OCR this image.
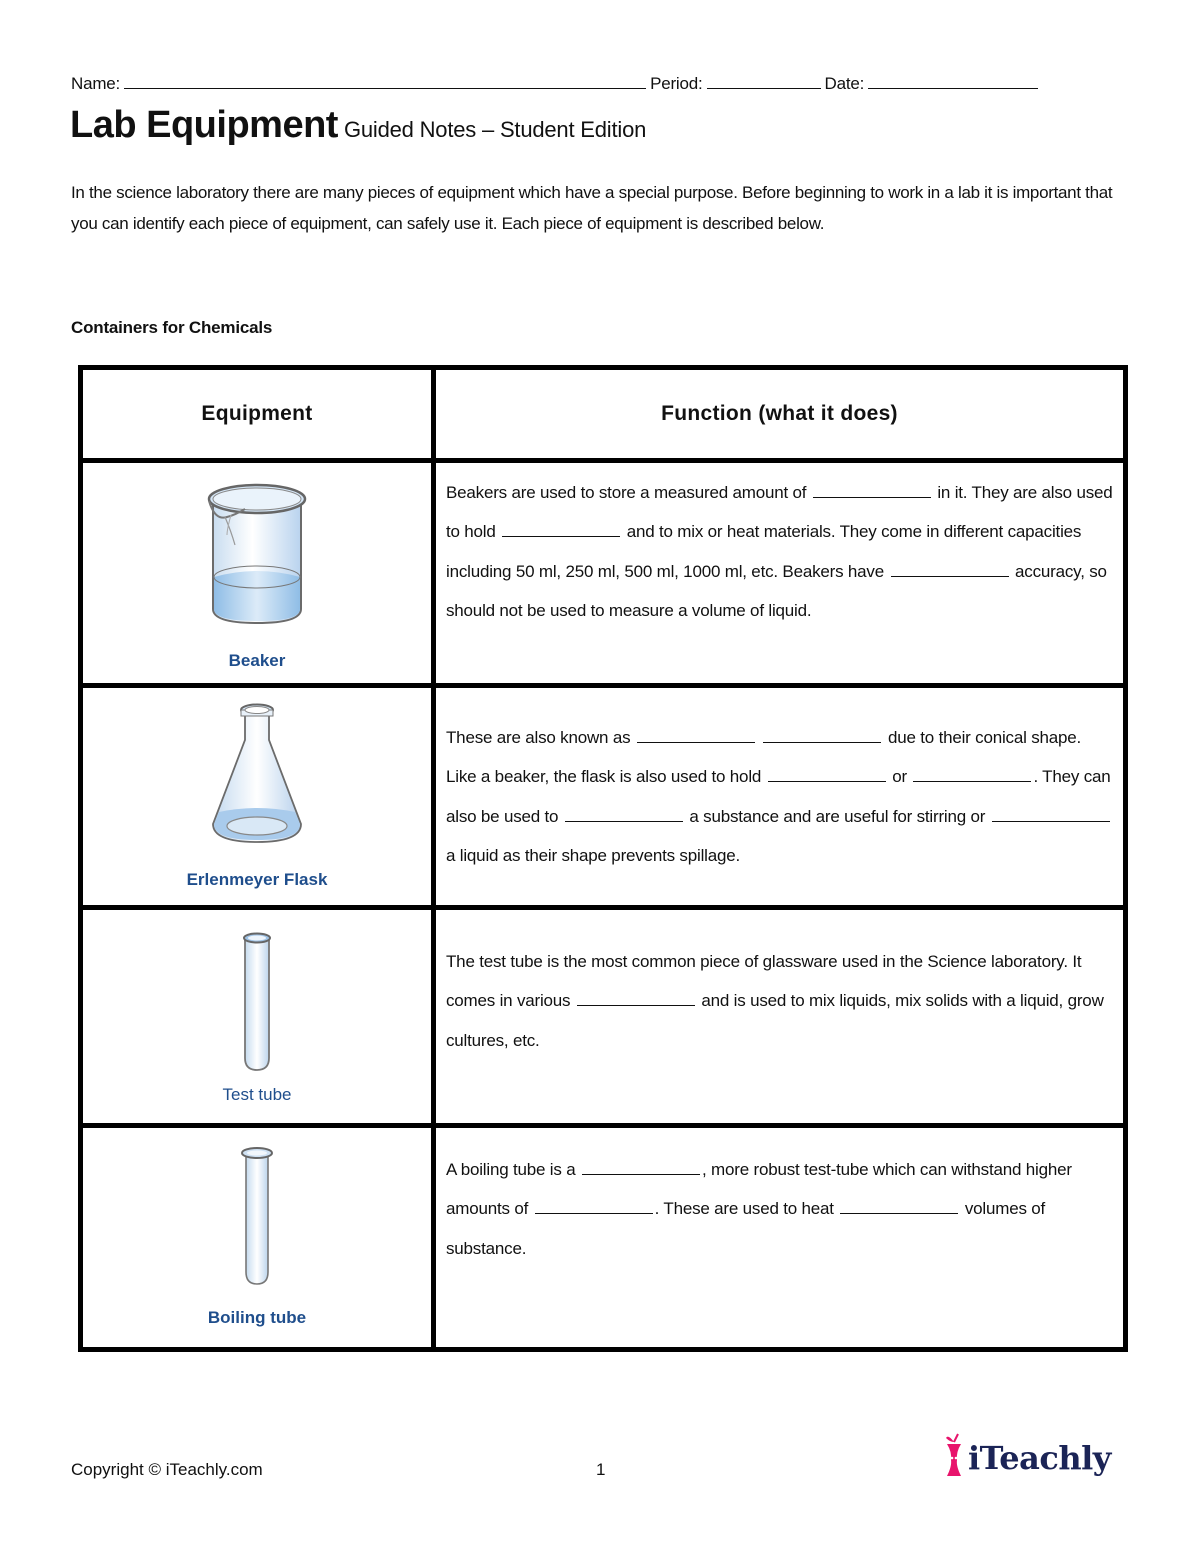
Name:	Period:	Date:
Lab Equipment Guided Notes – Student Edition
In the science laboratory there are many pieces of equipment which have a special purpose. Before beginning to work in a lab it is important that you can identify each piece of equipment, can safely use it. Each piece of equipment is described below.
Containers for Chemicals
Equipment	Function (what it does)

Beaker	Beakers are used to store a measured amount of in it. They are also used to hold and to mix or heat materials. They come in different capacities including 50 ml, 250 ml, 500 ml, 1000 ml, etc. Beakers have accuracy, so should not be used to measure a volume of liquid.

Erlenmeyer Flask	These are also known as due to their conical shape. Like a beaker, the flask is also used to hold or . They can also be used to a substance and are useful for stirring or  a liquid as their shape prevents spillage.

Test tube	The test tube is the most common piece of glassware used in the Science laboratory. It comes in various and is used to mix liquids, mix solids with a liquid, grow cultures, etc.

Boiling tube	A boiling tube is a , more robust test-tube which can withstand higher amounts of . These are used to heat volumes of substance.
Copyright © iTeachly.com	1	iTeachly
